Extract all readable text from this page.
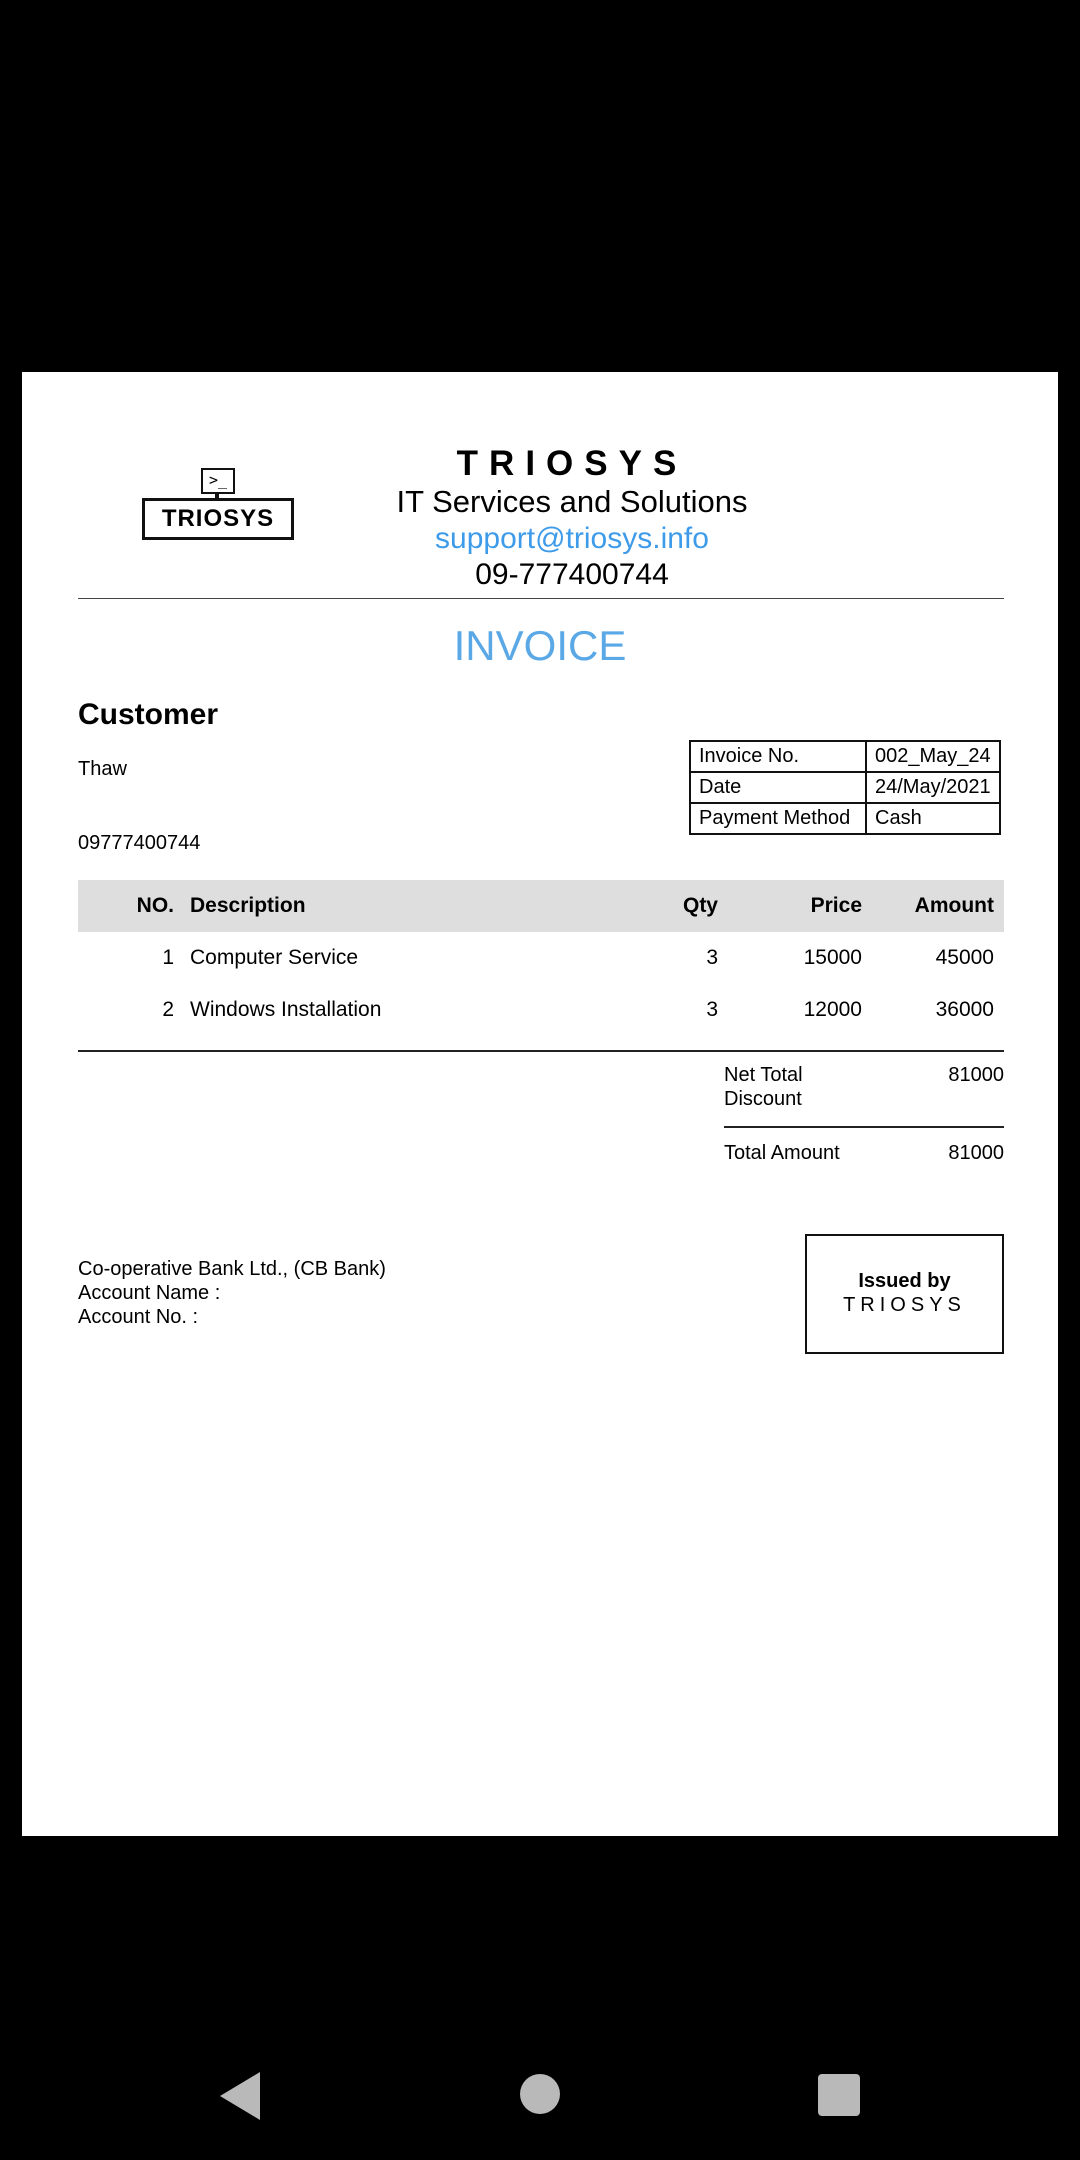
>_
TRIOSYS
TRIOSYS
IT Services and Solutions
support@triosys.info
09-777400744
INVOICE
Customer
Thaw
09777400744
Invoice No.	002_May_24
Date	24/May/2021
Payment Method	Cash
NO. Description	Qty	Price	Amount
1 Computer Service	3	15000	45000
2 Windows Installation	3	12000	36000
Net Total	81000
Discount
Total Amount	81000
Co-operative Bank Ltd., (CB Bank)
Account Name :
Account No. :
Issued by
TRIOSYS
